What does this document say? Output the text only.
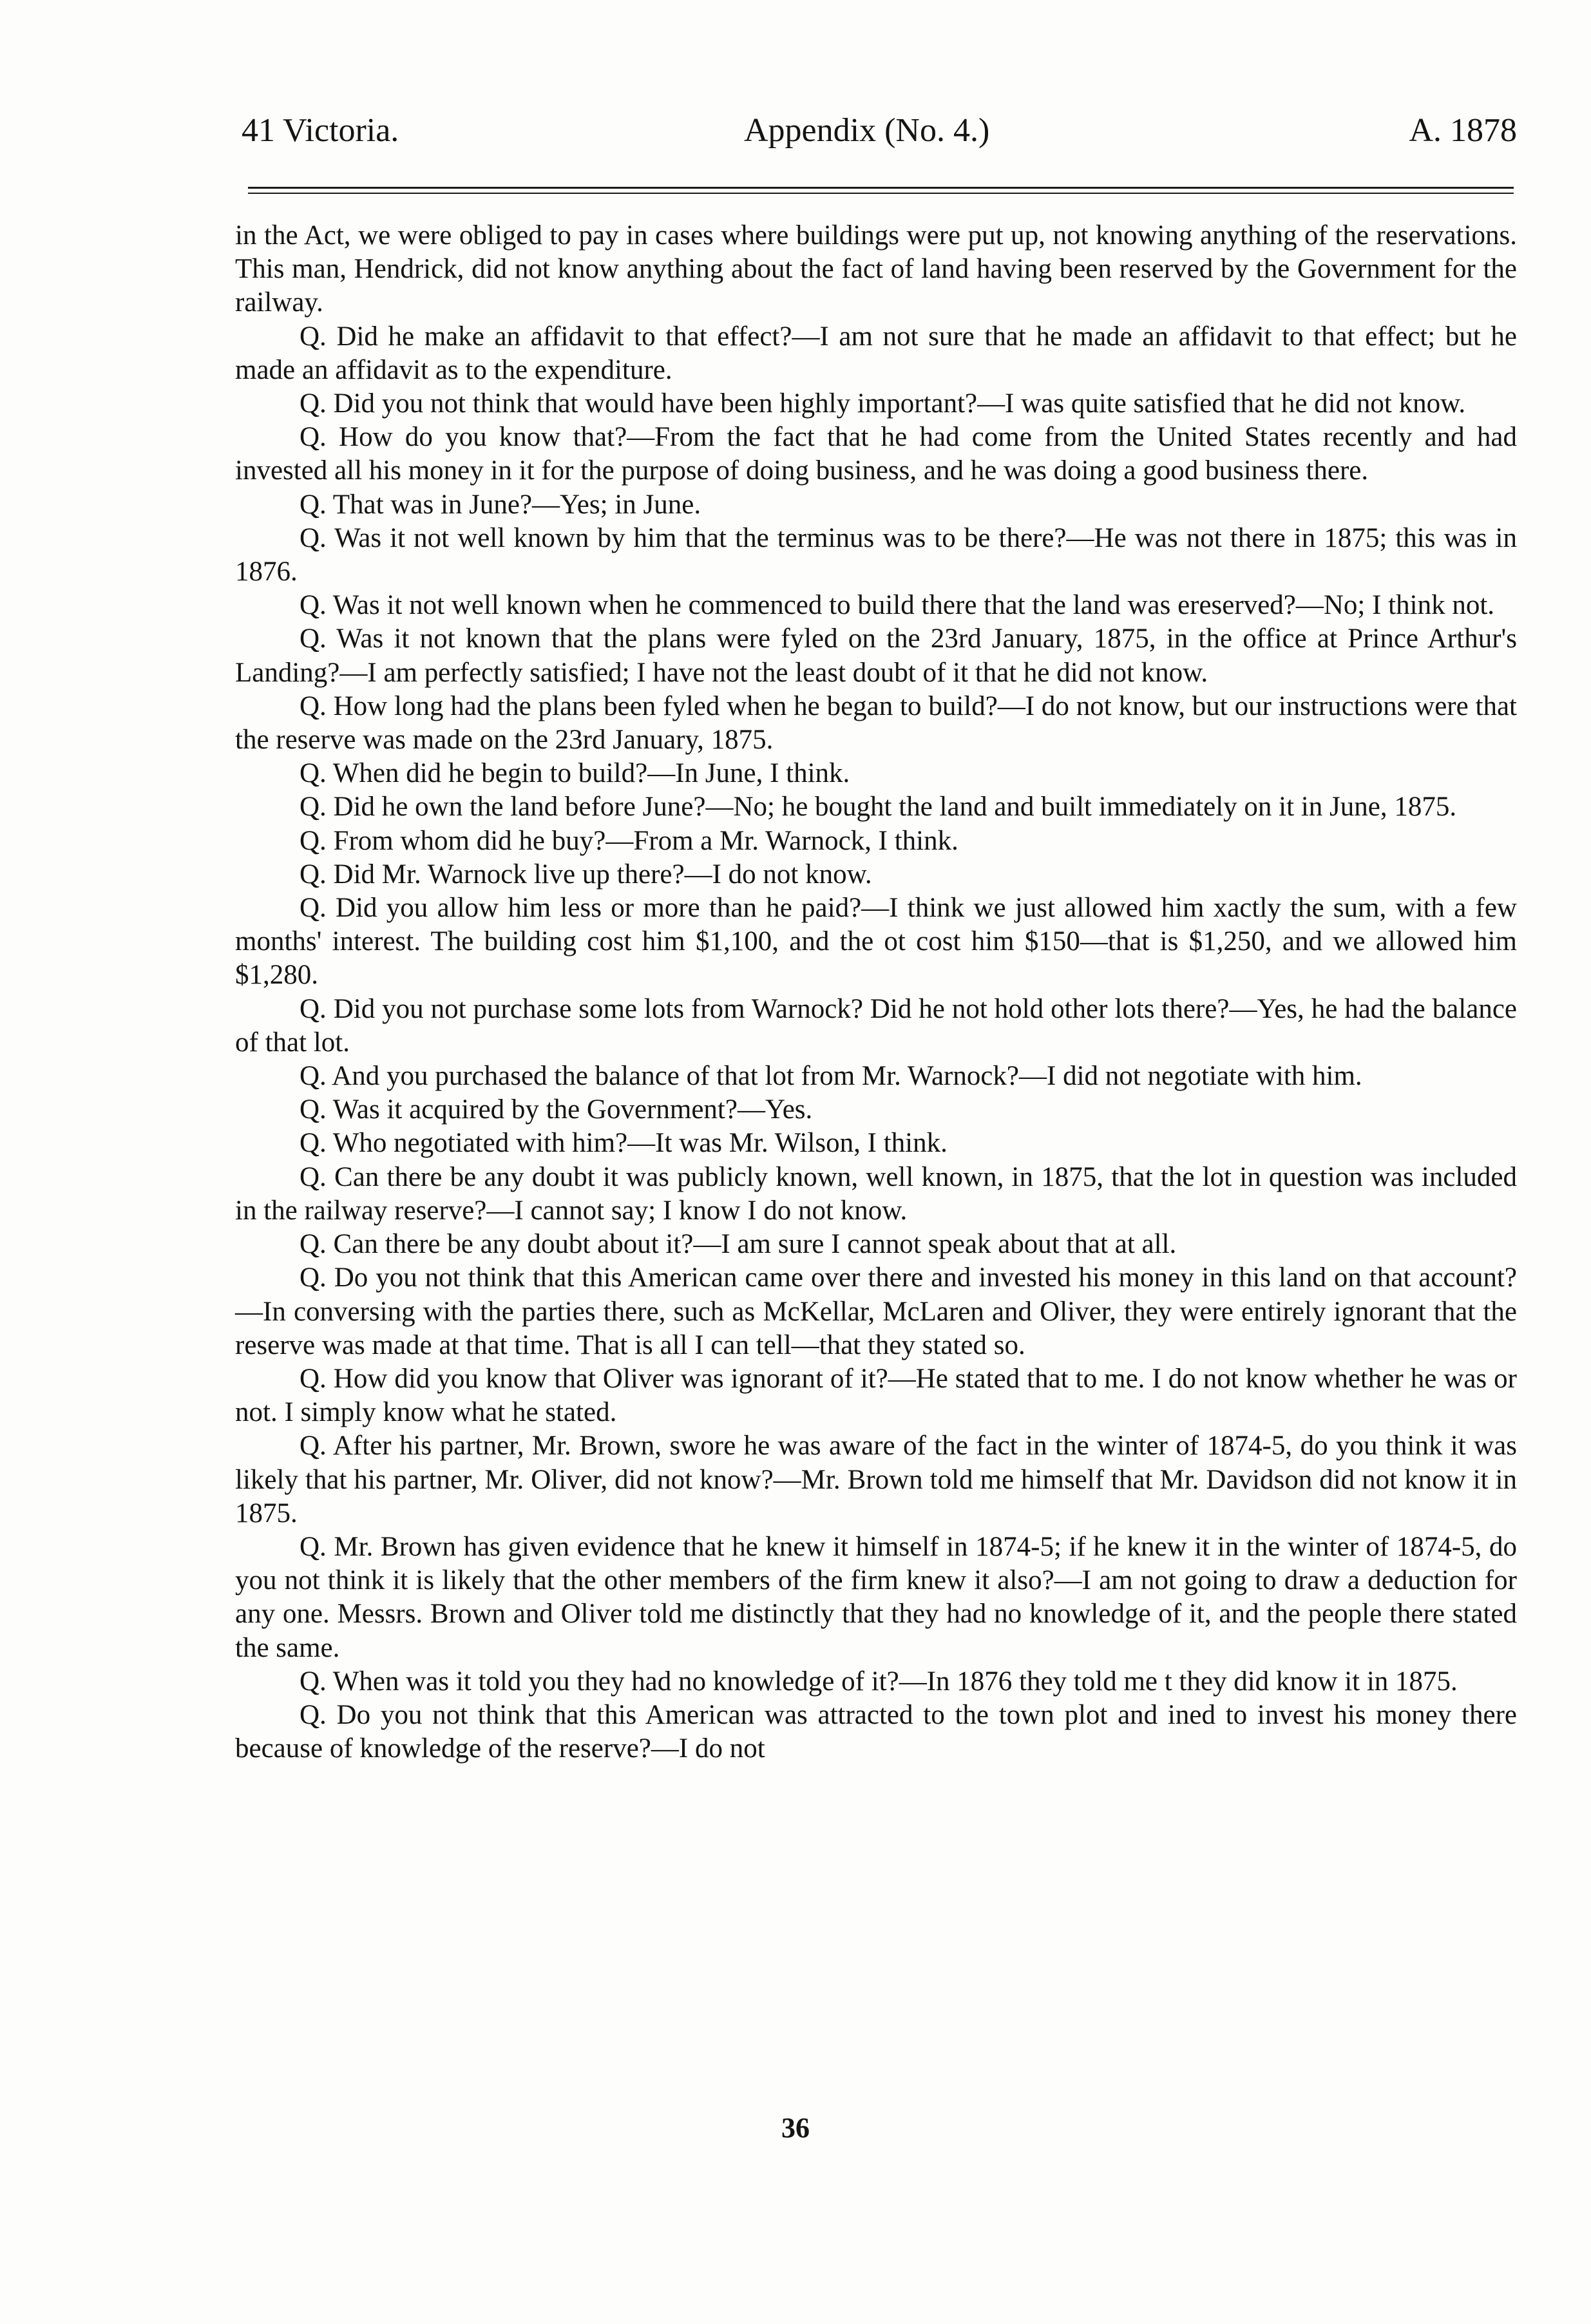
41 Victoria.	Appendix (No. 4.)	A. 1878

in the Act, we were obliged to pay in cases where buildings were put up, not knowing anything of the reservations. This man, Hendrick, did not know anything about the fact of land having been reserved by the Government for the railway.

Q. Did he make an affidavit to that effect?—I am not sure that he made an affidavit to that effect; but he made an affidavit as to the expenditure.

Q. Did you not think that would have been highly important?—I was quite satisfied that he did not know.

Q. How do you know that?—From the fact that he had come from the United States recently and had invested all his money in it for the purpose of doing business, and he was doing a good business there.

Q. That was in June?—Yes; in June.

Q. Was it not well known by him that the terminus was to be there?—He was not there in 1875; this was in 1876.

Q. Was it not well known when he commenced to build there that the land was ereserved?—No; I think not.

Q. Was it not known that the plans were fyled on the 23rd January, 1875, in the office at Prince Arthur's Landing?—I am perfectly satisfied; I have not the least doubt of it that he did not know.

Q. How long had the plans been fyled when he began to build?—I do not know, but our instructions were that the reserve was made on the 23rd January, 1875.

Q. When did he begin to build?—In June, I think.

Q. Did he own the land before June?—No; he bought the land and built immediately on it in June, 1875.

Q. From whom did he buy?—From a Mr. Warnock, I think.

Q. Did Mr. Warnock live up there?—I do not know.

Q. Did you allow him less or more than he paid?—I think we just allowed him xactly the sum, with a few months' interest. The building cost him $1,100, and the ot cost him $150—that is $1,250, and we allowed him $1,280.

Q. Did you not purchase some lots from Warnock? Did he not hold other lots there?—Yes, he had the balance of that lot.

Q. And you purchased the balance of that lot from Mr. Warnock?—I did not negotiate with him.

Q. Was it acquired by the Government?—Yes.

Q. Who negotiated with him?—It was Mr. Wilson, I think.

Q. Can there be any doubt it was publicly known, well known, in 1875, that the lot in question was included in the railway reserve?—I cannot say; I know I do not know.

Q. Can there be any doubt about it?—I am sure I cannot speak about that at all.

Q. Do you not think that this American came over there and invested his money in this land on that account?—In conversing with the parties there, such as McKellar, McLaren and Oliver, they were entirely ignorant that the reserve was made at that time. That is all I can tell—that they stated so.

Q. How did you know that Oliver was ignorant of it?—He stated that to me. I do not know whether he was or not. I simply know what he stated.

Q. After his partner, Mr. Brown, swore he was aware of the fact in the winter of 1874-5, do you think it was likely that his partner, Mr. Oliver, did not know?—Mr. Brown told me himself that Mr. Davidson did not know it in 1875.

Q. Mr. Brown has given evidence that he knew it himself in 1874-5; if he knew it in the winter of 1874-5, do you not think it is likely that the other members of the firm knew it also?—I am not going to draw a deduction for any one. Messrs. Brown and Oliver told me distinctly that they had no knowledge of it, and the people there stated the same.

Q. When was it told you they had no knowledge of it?—In 1876 they told me t they did know it in 1875.

Q. Do you not think that this American was attracted to the town plot and ined to invest his money there because of knowledge of the reserve?—I do not

36
